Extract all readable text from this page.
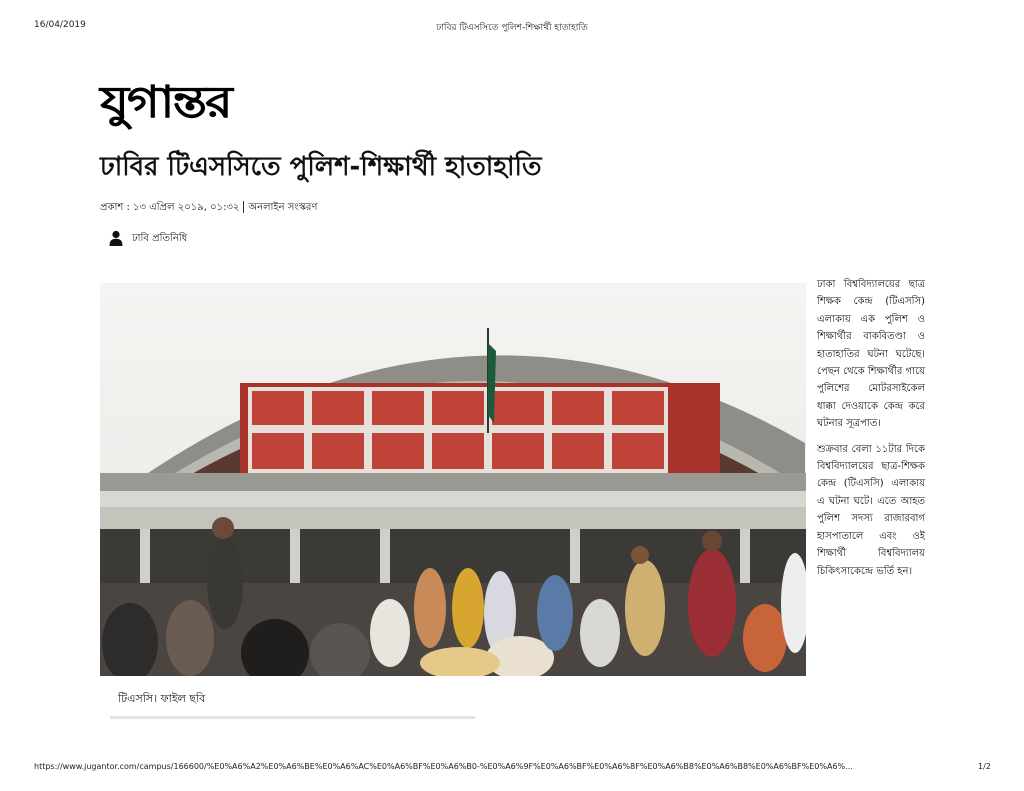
16/04/2019	ঢাবির টিএসসিতে পুলিশ-শিক্ষার্থী হাতাহাতি
যুগান্তর
ঢাবির টিএসসিতে পুলিশ-শিক্ষার্থী হাতাহাতি
প্রকাশ : ১৩ এপ্রিল ২০১৯, ০১:৩২ অনলাইন সংস্করণ
ঢাবি প্রতিনিধি
টিএসসি। ফাইল ছবি

ঢাকা বিশ্ববিদ্যালয়ের ছাত্র শিক্ষক কেন্দ্র (টিএসসি) এলাকায় এক পুলিশ ও শিক্ষার্থীর বাকবিতণ্ডা ও হাতাহাতির ঘটনা ঘটেছে। পেছন থেকে শিক্ষার্থীর গায়ে পুলিশের মোটরসাইকেল ধাক্কা দেওয়াকে কেন্দ্র করে ঘটনার সূত্রপাত।

শুক্রবার বেলা ১১টার দিকে বিশ্ববিদ্যালয়ের ছাত্র-শিক্ষক কেন্দ্র (টিএসসি) এলাকায় এ ঘটনা ঘটে। এতে আহত পুলিশ সদস্য রাজারবাগ হাসপাতালে এবং ওই শিক্ষার্থী বিশ্ববিদ্যালয় চিকিৎসাকেন্দ্রে ভর্তি হন।

https://www.jugantor.com/campus/166600/%E0%A6%A2%E0%A6%BE%E0%A6%AC%E0%A6%BF%E0%A6%B0-%E0%A6%9F%E0%A6%BF%E0%A6%8F%E0%A6%B8%E0%A6%B8%E0%A6%BF%E0%A6%...	1/2
